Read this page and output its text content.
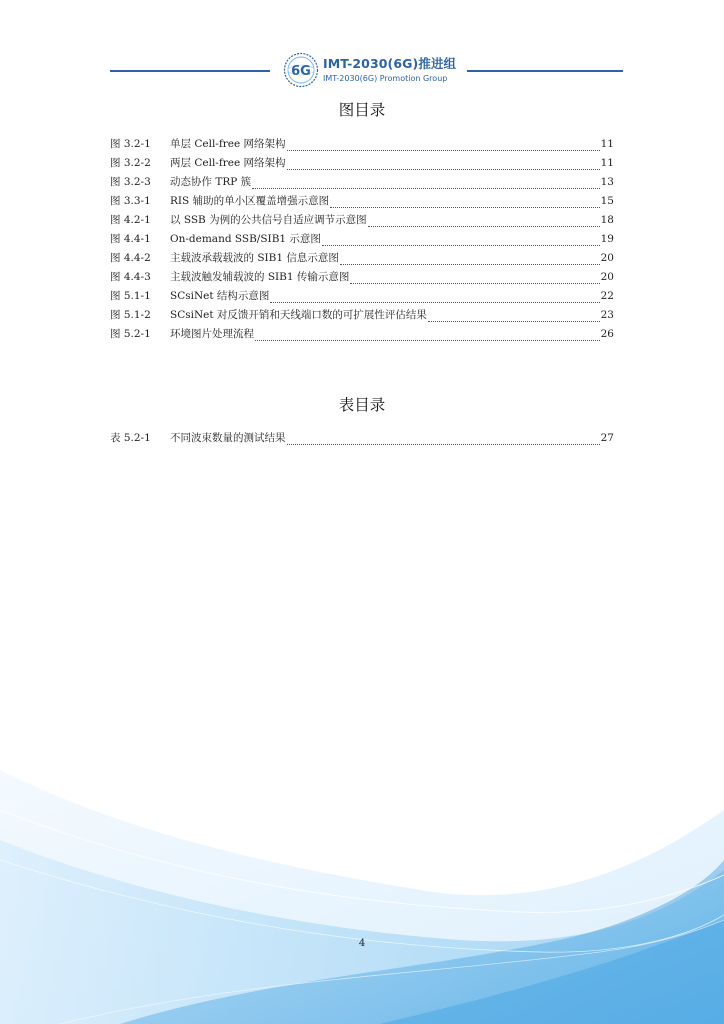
6G
IMT-2030(6G)推进组
IMT-2030(6G) Promotion Group
图目录
图 3.2-1	单层 Cell-free 网络架构	11
图 3.2-2	两层 Cell-free 网络架构	11
图 3.2-3	动态协作 TRP 簇	13
图 3.3-1	RIS 辅助的单小区覆盖增强示意图	15
图 4.2-1	以 SSB 为例的公共信号自适应调节示意图	18
图 4.4-1	On-demand SSB/SIB1 示意图	19
图 4.4-2	主载波承载载波的 SIB1 信息示意图	20
图 4.4-3	主载波触发辅载波的 SIB1 传输示意图	20
图 5.1-1	SCsiNet 结构示意图	22
图 5.1-2	SCsiNet 对反馈开销和天线端口数的可扩展性评估结果	23
图 5.2-1	环境图片处理流程	26
表目录
表 5.2-1	不同波束数量的测试结果	27
4
